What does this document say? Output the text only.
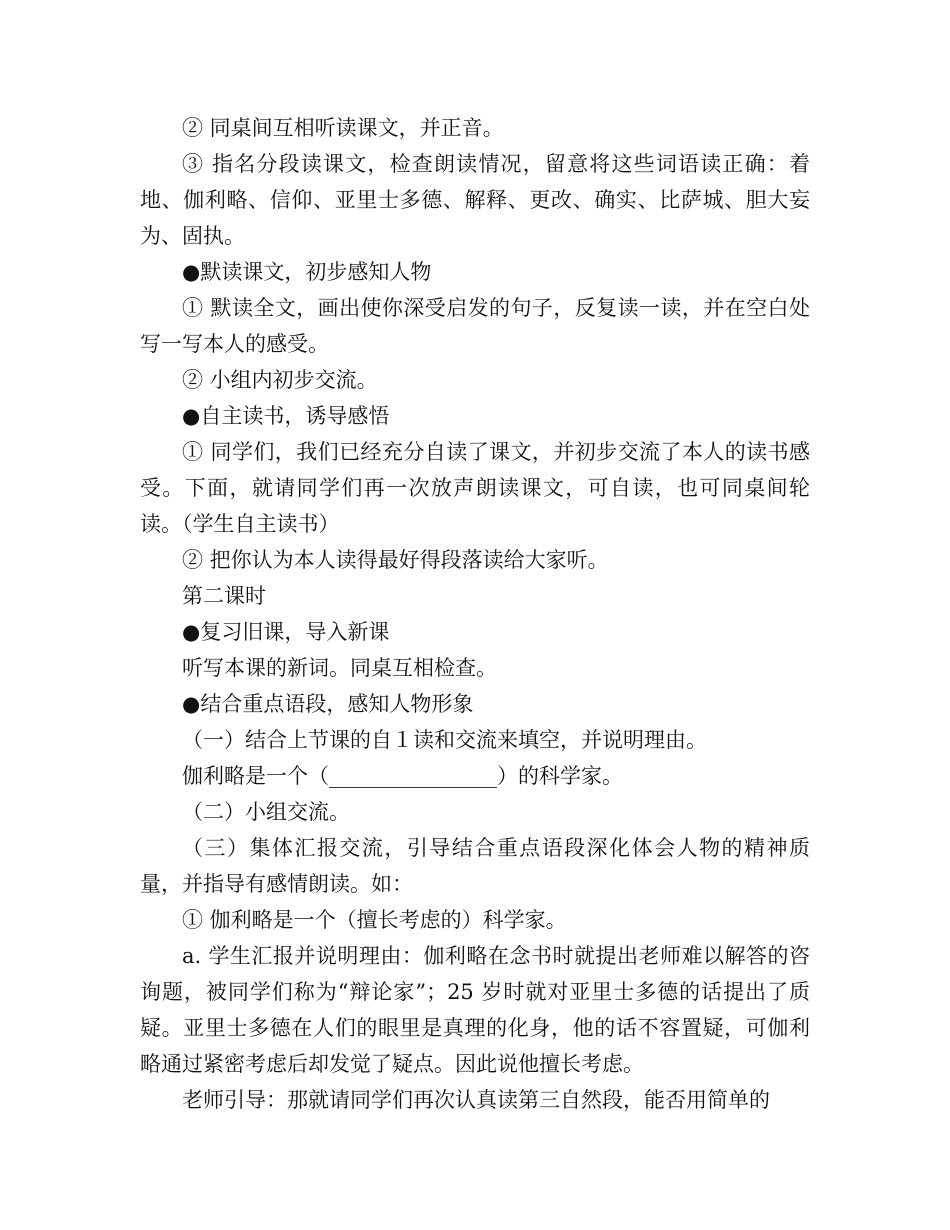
② 同桌间互相听读课文，并正音。

③ 指名分段读课文，检查朗读情况，留意将这些词语读正确：着地、伽利略、信仰、亚里士多德、解释、更改、确实、比萨城、胆大妄为、固执。

●默读课文，初步感知人物

① 默读全文，画出使你深受启发的句子，反复读一读，并在空白处写一写本人的感受。

② 小组内初步交流。

●自主读书，诱导感悟

① 同学们，我们已经充分自读了课文，并初步交流了本人的读书感受。下面，就请同学们再一次放声朗读课文，可自读，也可同桌间轮读。（学生自主读书）

② 把你认为本人读得最好得段落读给大家听。

第二课时

●复习旧课，导入新课

听写本课的新词。同桌互相检查。

●结合重点语段，感知人物形象

（一）结合上节课的自１读和交流来填空，并说明理由。

伽利略是一个（________________）的科学家。

（二）小组交流。

（三）集体汇报交流，引导结合重点语段深化体会人物的精神质量，并指导有感情朗读。如：

① 伽利略是一个（擅长考虑的）科学家。

a. 学生汇报并说明理由：伽利略在念书时就提出老师难以解答的咨询题，被同学们称为“辩论家”；25 岁时就对亚里士多德的话提出了质疑。亚里士多德在人们的眼里是真理的化身，他的话不容置疑，可伽利略通过紧密考虑后却发觉了疑点。因此说他擅长考虑。

老师引导：那就请同学们再次认真读第三自然段，能否用简单的
